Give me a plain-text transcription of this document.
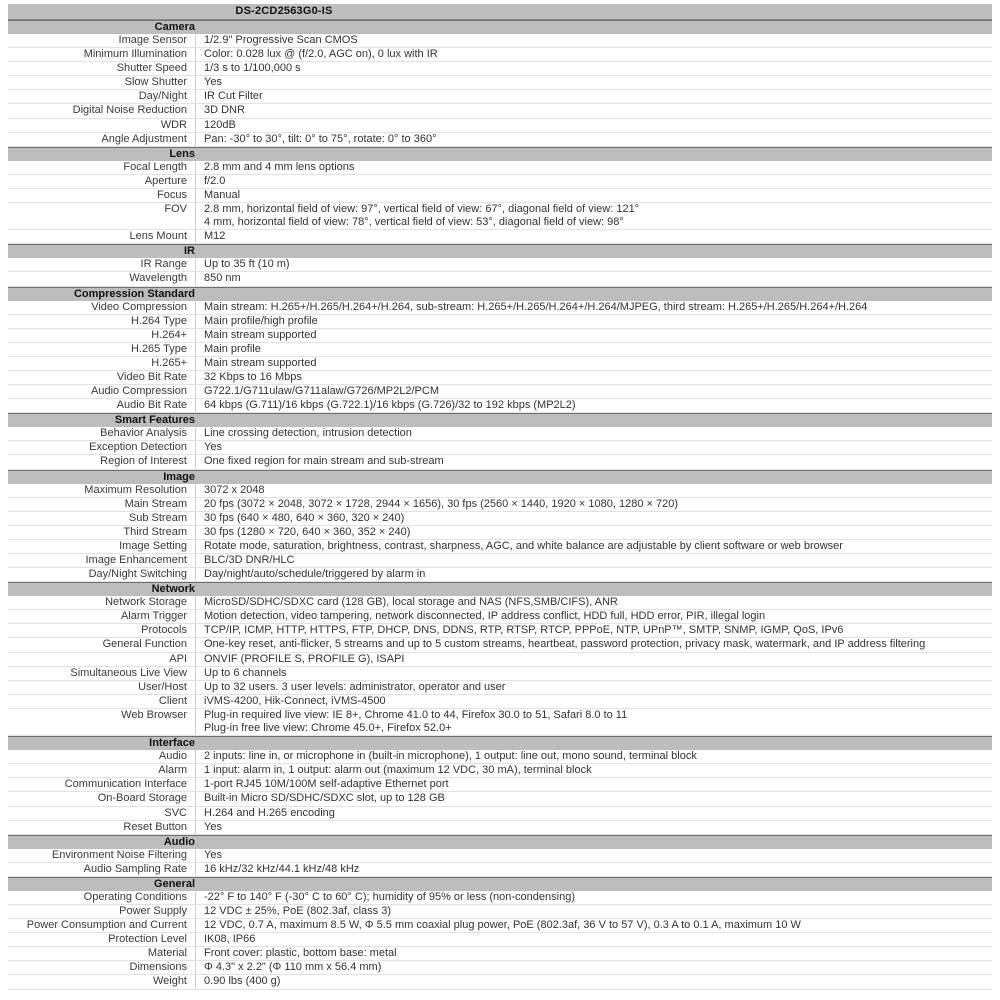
DS-2CD2563G0-IS
Camera
Image Sensor	1/2.9" Progressive Scan CMOS
Minimum Illumination	Color: 0.028 lux @ (f/2.0, AGC on), 0 lux with IR
Shutter Speed	1/3 s to 1/100,000 s
Slow Shutter	Yes
Day/Night	IR Cut Filter
Digital Noise Reduction	3D DNR
WDR	120dB
Angle Adjustment	Pan: -30° to 30°, tilt: 0° to 75°, rotate: 0° to 360°
Lens
Focal Length	2.8 mm and 4 mm lens options
Aperture	f/2.0
Focus	Manual
FOV	2.8 mm, horizontal field of view: 97°, vertical field of view: 67°, diagonal field of view: 121°
4 mm, horizontal field of view: 78°, vertical field of view: 53°, diagonal field of view: 98°
Lens Mount	M12
IR
IR Range	Up to 35 ft (10 m)
Wavelength	850 nm
Compression Standard
Video Compression	Main stream: H.265+/H.265/H.264+/H.264, sub-stream: H.265+/H.265/H.264+/H.264/MJPEG, third stream: H.265+/H.265/H.264+/H.264
H.264 Type	Main profile/high profile
H.264+	Main stream supported
H.265 Type	Main profile
H.265+	Main stream supported
Video Bit Rate	32 Kbps to 16 Mbps
Audio Compression	G722.1/G711ulaw/G711alaw/G726/MP2L2/PCM
Audio Bit Rate	64 kbps (G.711)/16 kbps (G.722.1)/16 kbps (G.726)/32 to 192 kbps (MP2L2)
Smart Features
Behavior Analysis	Line crossing detection, intrusion detection
Exception Detection	Yes
Region of Interest	One fixed region for main stream and sub-stream
Image
Maximum Resolution	3072 x 2048
Main Stream	20 fps (3072 × 2048, 3072 × 1728, 2944 × 1656), 30 fps (2560 × 1440, 1920 × 1080, 1280 × 720)
Sub Stream	30 fps (640 × 480, 640 × 360, 320 × 240)
Third Stream	30 fps (1280 × 720, 640 × 360, 352 × 240)
Image Setting	Rotate mode, saturation, brightness, contrast, sharpness, AGC, and white balance are adjustable by client software or web browser
Image Enhancement	BLC/3D DNR/HLC
Day/Night Switching	Day/night/auto/schedule/triggered by alarm in
Network
Network Storage	MicroSD/SDHC/SDXC card (128 GB), local storage and NAS (NFS,SMB/CIFS), ANR
Alarm Trigger	Motion detection, video tampering, network disconnected, IP address conflict, HDD full, HDD error, PIR, illegal login
Protocols	TCP/IP, ICMP, HTTP, HTTPS, FTP, DHCP, DNS, DDNS, RTP, RTSP, RTCP, PPPoE, NTP, UPnP™, SMTP, SNMP, IGMP, QoS, IPv6
General Function	One-key reset, anti-flicker, 5 streams and up to 5 custom streams, heartbeat, password protection, privacy mask, watermark, and IP address filtering
API	ONVIF (PROFILE S, PROFILE G), ISAPI
Simultaneous Live View	Up to 6 channels
User/Host	Up to 32 users. 3 user levels: administrator, operator and user
Client	iVMS-4200, Hik-Connect, iVMS-4500
Web Browser	Plug-in required live view: IE 8+, Chrome 41.0 to 44, Firefox 30.0 to 51, Safari 8.0 to 11
Plug-in free live view: Chrome 45.0+, Firefox 52.0+
Interface
Audio	2 inputs: line in, or microphone in (built-in microphone), 1 output: line out, mono sound, terminal block
Alarm	1 input: alarm in, 1 output: alarm out (maximum 12 VDC, 30 mA), terminal block
Communication Interface	1-port RJ45 10M/100M self-adaptive Ethernet port
On-Board Storage	Built-in Micro SD/SDHC/SDXC slot, up to 128 GB
SVC	H.264 and H.265 encoding
Reset Button	Yes
Audio
Environment Noise Filtering	Yes
Audio Sampling Rate	16 kHz/32 kHz/44.1 kHz/48 kHz
General
Operating Conditions	-22° F to 140° F (-30° C to 60° C); humidity of 95% or less (non-condensing)
Power Supply	12 VDC ± 25%, PoE (802.3af, class 3)
Power Consumption and Current	12 VDC, 0.7 A, maximum 8.5 W, Φ 5.5 mm coaxial plug power, PoE (802.3af, 36 V to 57 V), 0.3 A to 0.1 A, maximum 10 W
Protection Level	IK08, IP66
Material	Front cover: plastic, bottom base: metal
Dimensions	Φ 4.3" x 2.2" (Φ 110 mm x 56.4 mm)
Weight	0.90 lbs (400 g)
